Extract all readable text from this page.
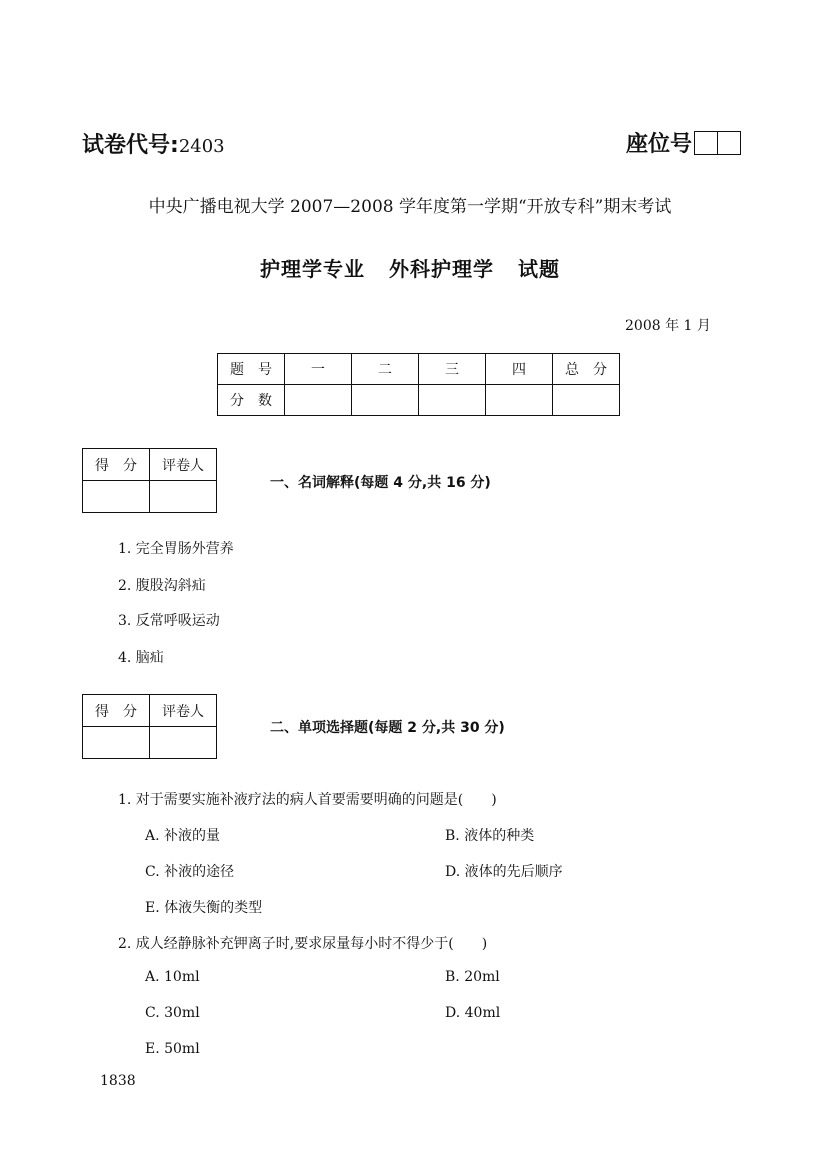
试卷代号:2403	座位号
中央广播电视大学 2007—2008 学年度第一学期“开放专科”期末考试
护理学专业 外科护理学 试题
2008 年 1 月
题　号	一	二	三	四	总　分
分　数					
得　分	评卷人

一、名词解释(每题 4 分,共 16 分)
1. 完全胃肠外营养
2. 腹股沟斜疝
3. 反常呼吸运动
4. 脑疝
得　分	评卷人

二、单项选择题(每题 2 分,共 30 分)
1. 对于需要实施补液疗法的病人首要需要明确的问题是(　　)
A. 补液的量	B. 液体的种类
C. 补液的途径	D. 液体的先后顺序
E. 体液失衡的类型
2. 成人经静脉补充钾离子时,要求尿量每小时不得少于(　　)
A. 10ml	B. 20ml
C. 30ml	D. 40ml
E. 50ml
1838
